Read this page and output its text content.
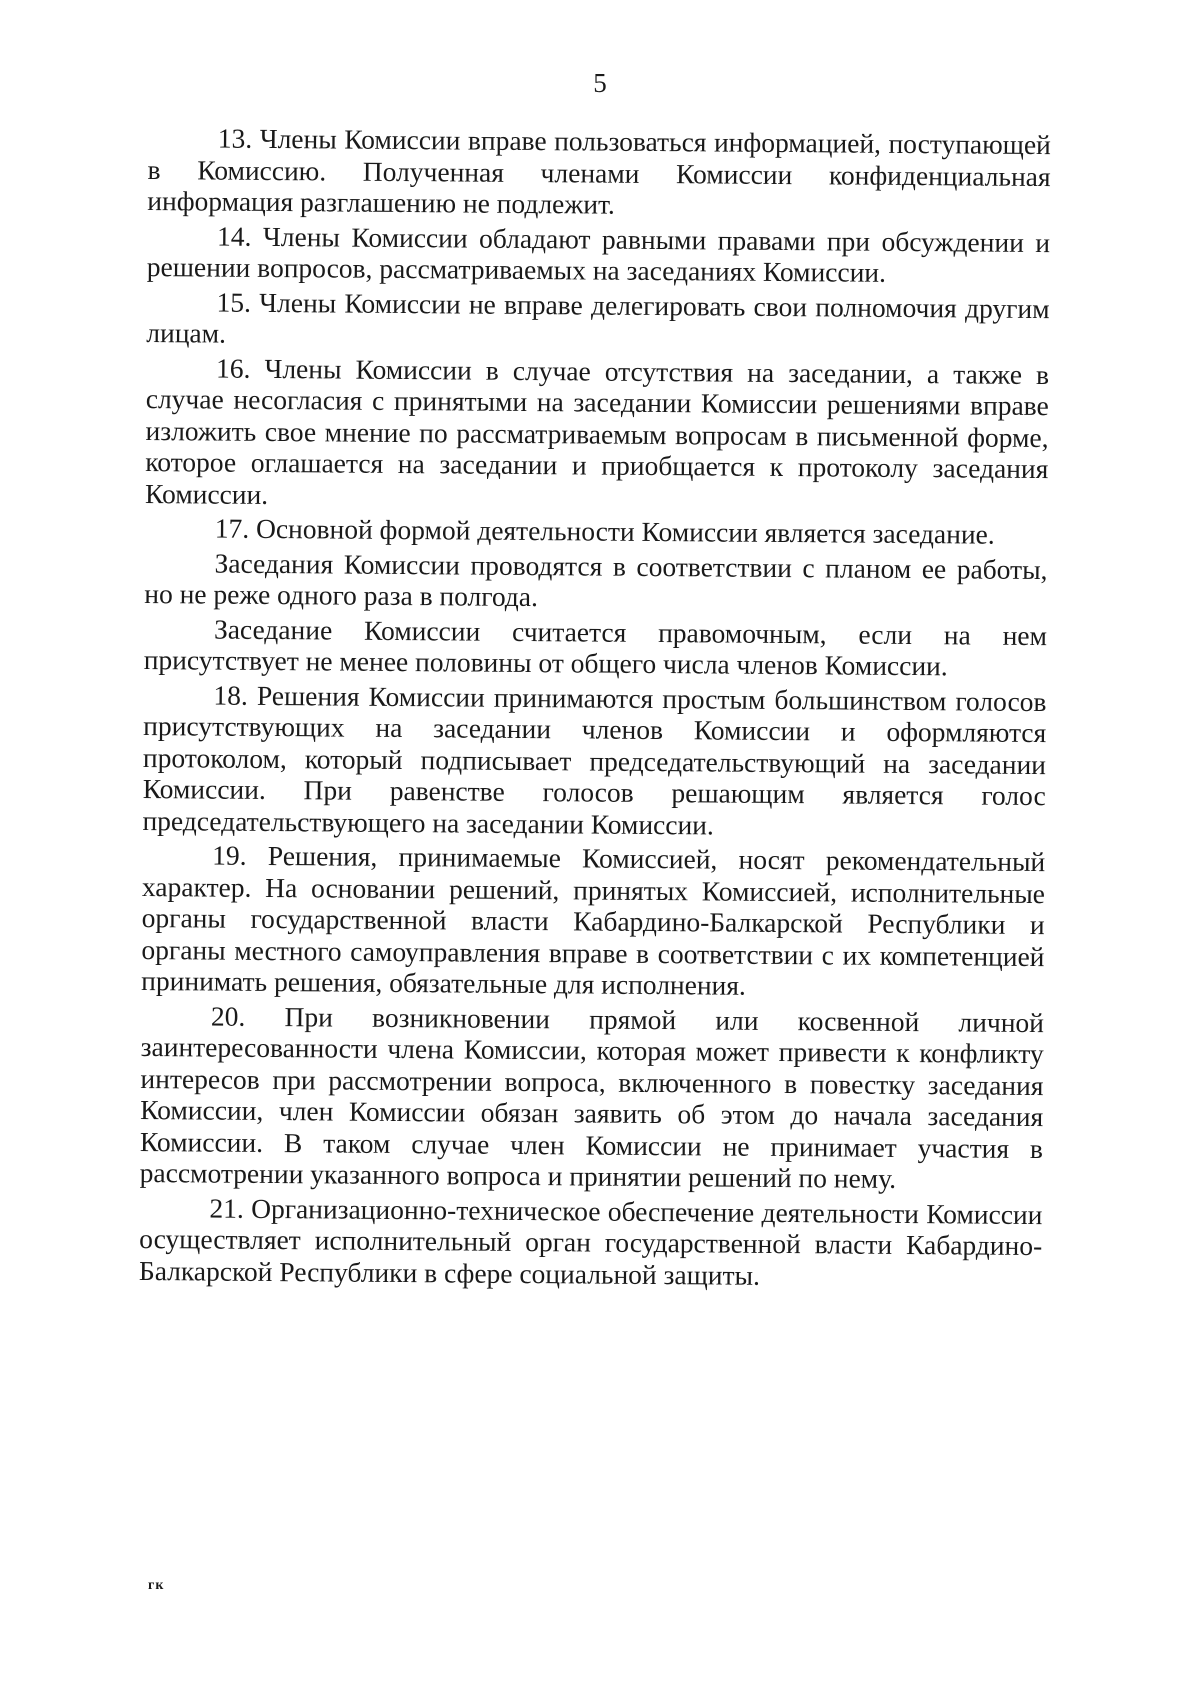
5

13. Члены Комиссии вправе пользоваться информацией, поступающей в Комиссию. Полученная членами Комиссии конфиденциальная информация разглашению не подлежит.

14. Члены Комиссии обладают равными правами при обсуждении и решении вопросов, рассматриваемых на заседаниях Комиссии.

15. Члены Комиссии не вправе делегировать свои полномочия другим лицам.

16. Члены Комиссии в случае отсутствия на заседании, а также в случае несогласия с принятыми на заседании Комиссии решениями вправе изложить свое мнение по рассматриваемым вопросам в письменной форме, которое оглашается на заседании и приобщается к протоколу заседания Комиссии.

17. Основной формой деятельности Комиссии является заседание.

Заседания Комиссии проводятся в соответствии с планом ее работы, но не реже одного раза в полгода.

Заседание Комиссии считается правомочным, если на нем присутствует не менее половины от общего числа членов Комиссии.

18. Решения Комиссии принимаются простым большинством голосов присутствующих на заседании членов Комиссии и оформляются протоколом, который подписывает председательствующий на заседании Комиссии. При равенстве голосов решающим является голос председательствующего на заседании Комиссии.

19. Решения, принимаемые Комиссией, носят рекомендательный характер. На основании решений, принятых Комиссией, исполнительные органы государственной власти Кабардино-Балкарской Республики и органы местного самоуправления вправе в соответствии с их компетенцией принимать решения, обязательные для исполнения.

20. При возникновении прямой или косвенной личной заинтересованности члена Комиссии, которая может привести к конфликту интересов при рассмотрении вопроса, включенного в повестку заседания Комиссии, член Комиссии обязан заявить об этом до начала заседания Комиссии. В таком случае член Комиссии не принимает участия в рассмотрении указанного вопроса и принятии решений по нему.

21. Организационно-техническое обеспечение деятельности Комиссии осуществляет исполнительный орган государственной власти Кабардино-Балкарской Республики в сфере социальной защиты.

гк
